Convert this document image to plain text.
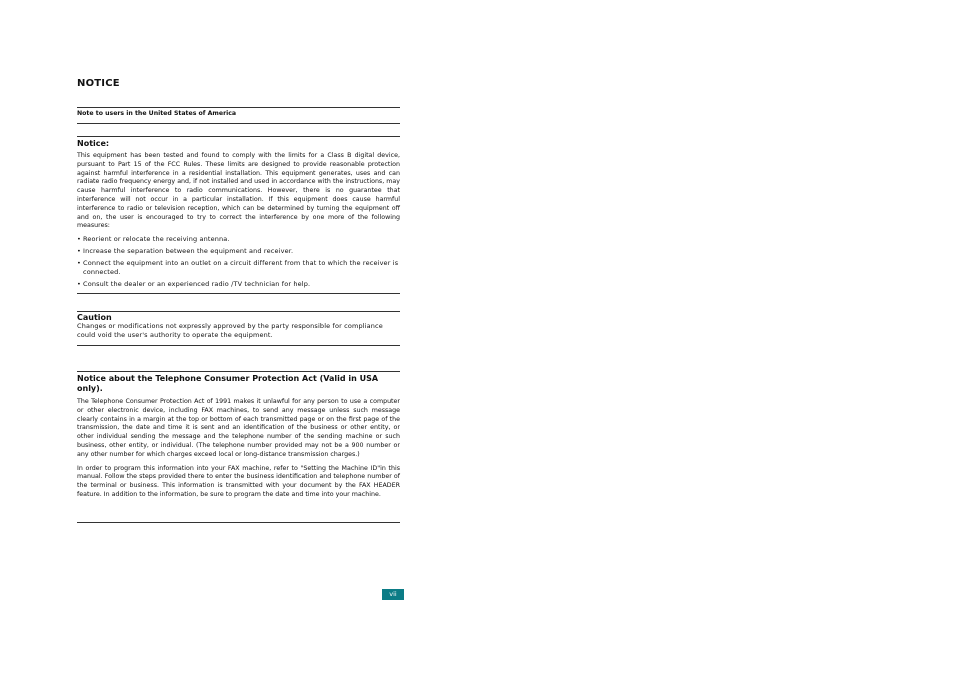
NOTICE
Note to users in the United States of America
Notice:
This equipment has been tested and found to comply with the limits for a Class B digital device, pursuant to Part 15 of the FCC Rules. These limits are designed to provide reasonable protection against harmful interference in a residential installation. This equipment generates, uses and can radiate radio frequency energy and, if not installed and used in accordance with the instructions, may cause harmful interference to radio communications. However, there is no guarantee that interference will not occur in a particular installation. If this equipment does cause harmful interference to radio or television reception, which can be determined by turning the equipment off and on, the user is encouraged to try to correct the interference by one more of the following measures:
• Reorient or relocate the receiving antenna.
• Increase the separation between the equipment and receiver.
• Connect the equipment into an outlet on a circuit different from that to which the receiver is connected.
• Consult the dealer or an experienced radio /TV technician for help.
Caution
Changes or modifications not expressly approved by the party responsible for compliance could void the user's authority to operate the equipment.
Notice about the Telephone Consumer Protection Act (Valid in USA only).
The Telephone Consumer Protection Act of 1991 makes it unlawful for any person to use a computer or other electronic device, including FAX machines, to send any message unless such message clearly contains in a margin at the top or bottom of each transmitted page or on the first page of the transmission, the date and time it is sent and an identification of the business or other entity, or other individual sending the message and the telephone number of the sending machine or such business, other entity, or individual. (The telephone number provided may not be a 900 number or any other number for which charges exceed local or long-distance transmission charges.)
In order to program this information into your FAX machine, refer to "Setting the Machine ID"in this manual. Follow the steps provided there to enter the business identification and telephone number of the terminal or business. This information is transmitted with your document by the FAX HEADER feature. In addition to the information, be sure to program the date and time into your machine.
vii
